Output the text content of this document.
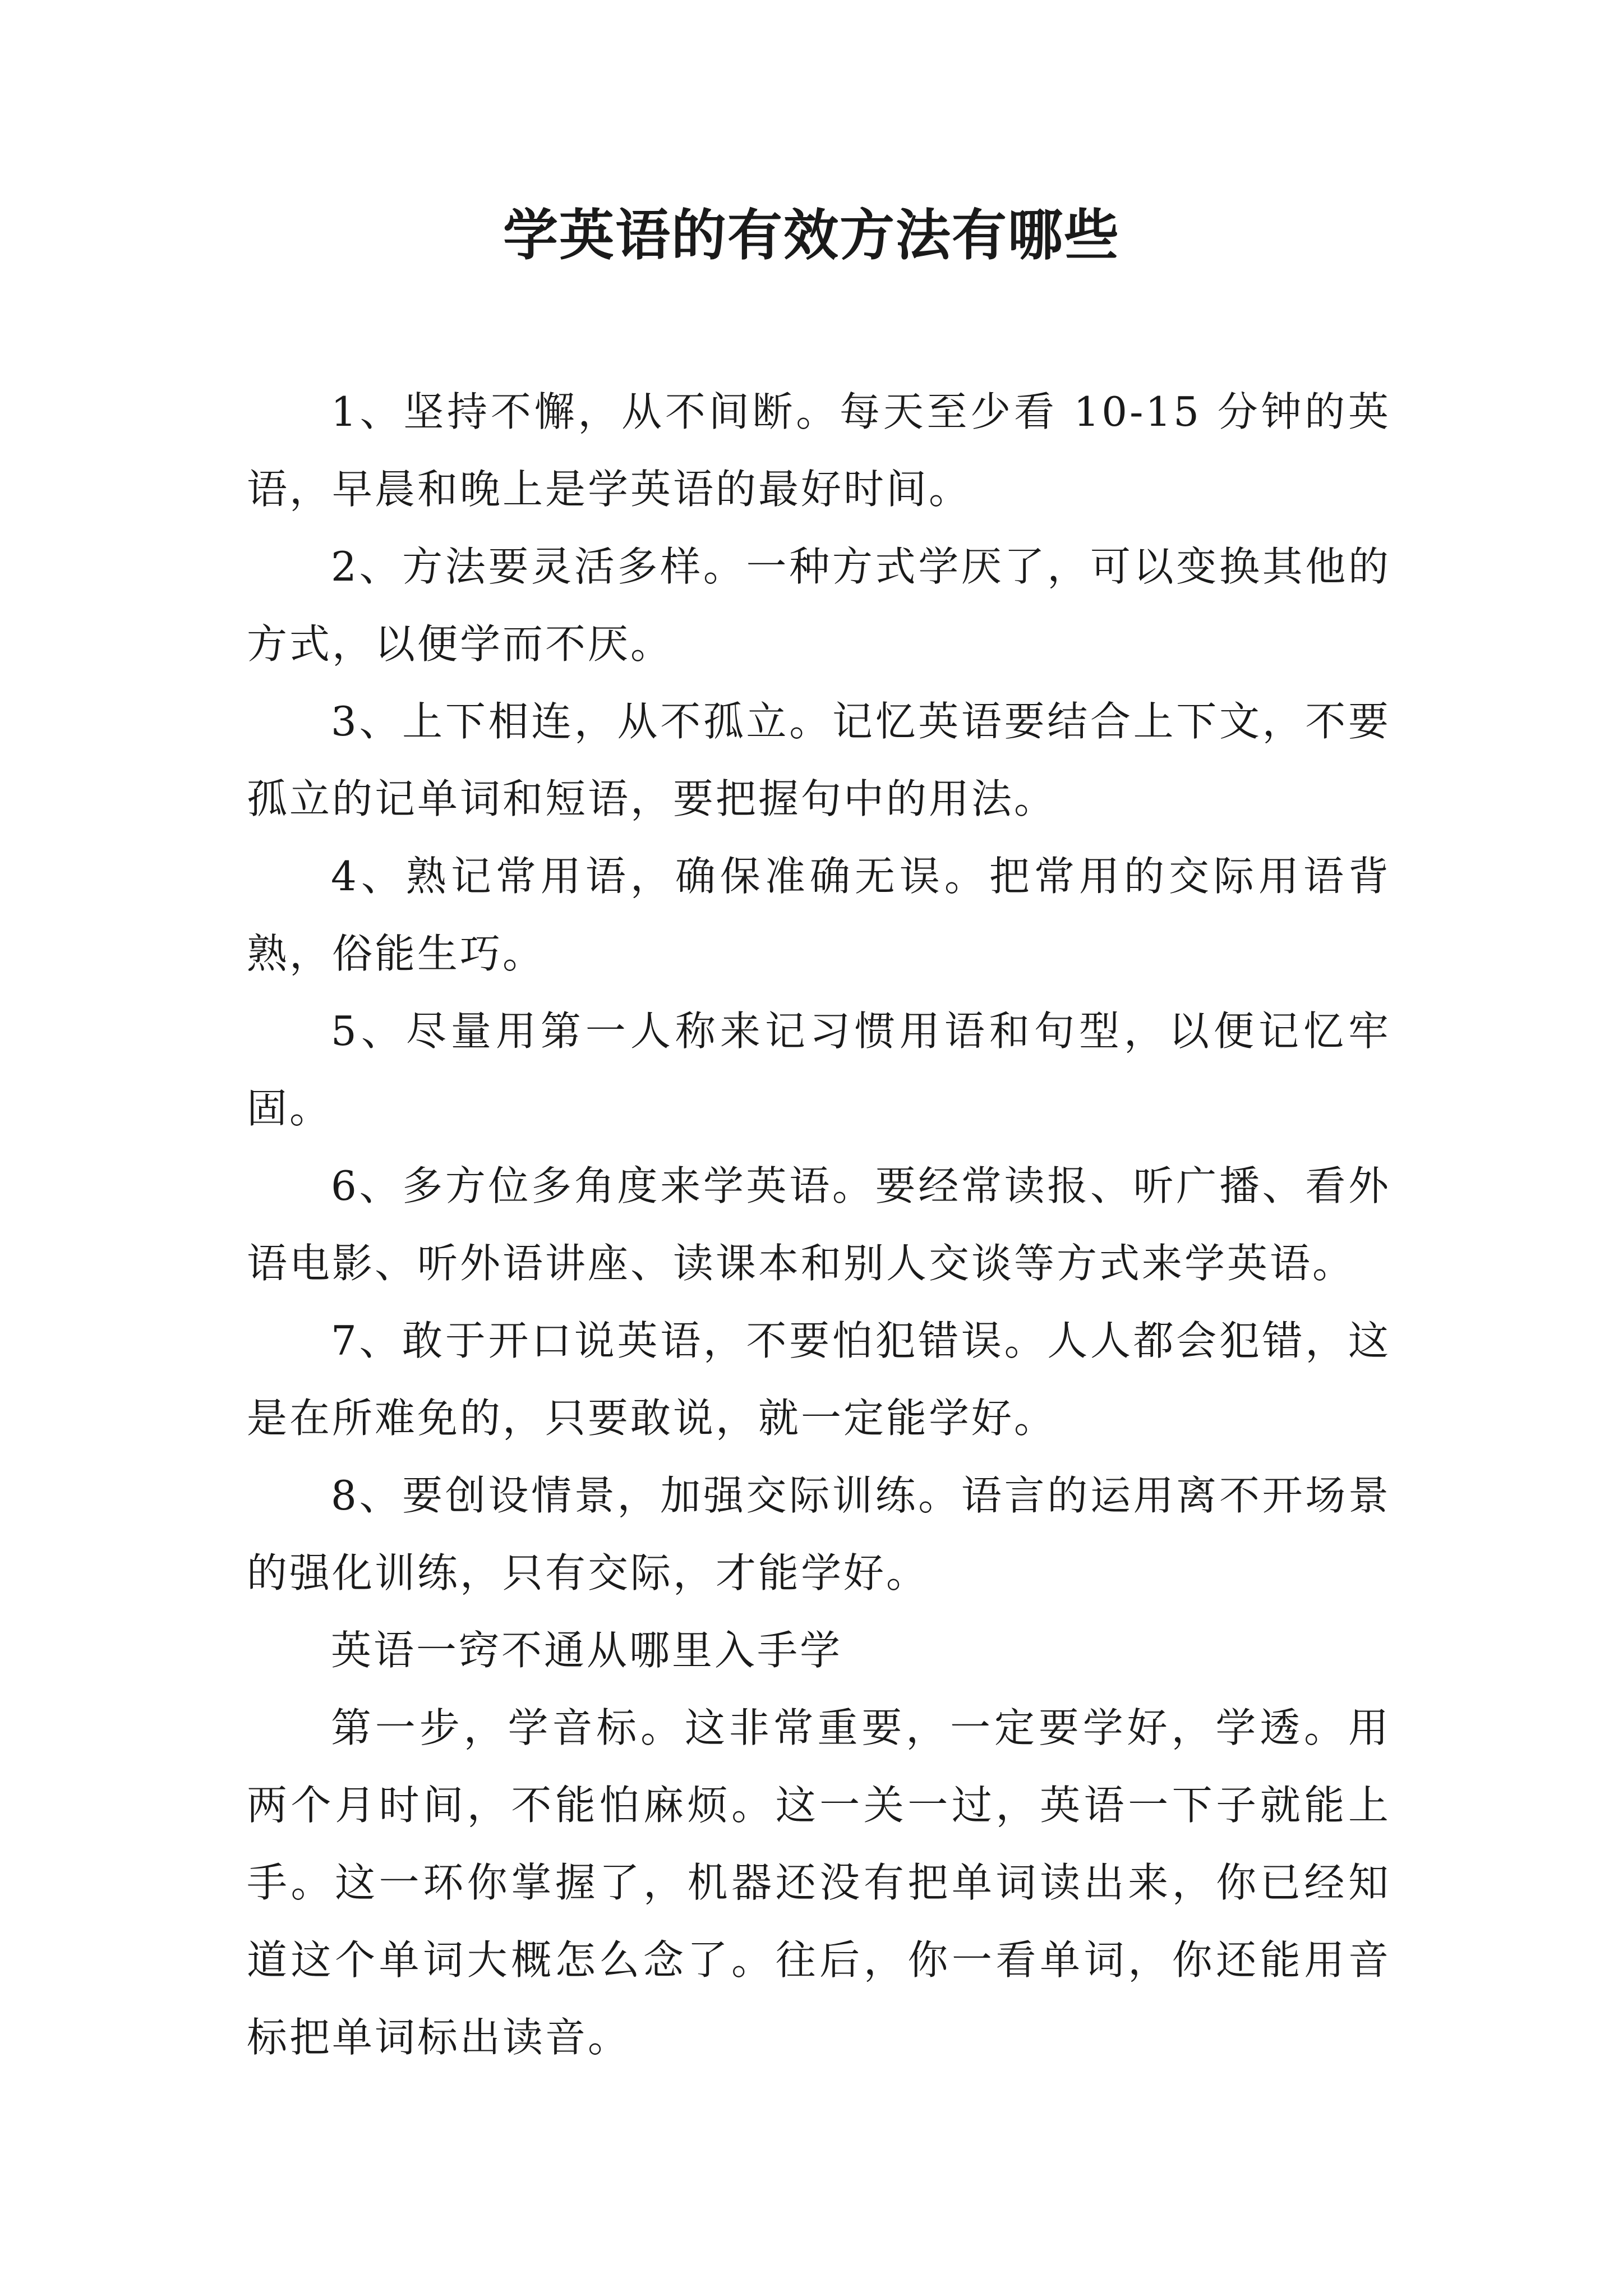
学英语的有效方法有哪些

1、坚持不懈，从不间断。每天至少看 10-15 分钟的英语，早晨和晚上是学英语的最好时间。

2、方法要灵活多样。一种方式学厌了，可以变换其他的方式，以便学而不厌。

3、上下相连，从不孤立。记忆英语要结合上下文，不要孤立的记单词和短语，要把握句中的用法。

4、熟记常用语，确保准确无误。把常用的交际用语背熟，俗能生巧。

5、尽量用第一人称来记习惯用语和句型，以便记忆牢固。

6、多方位多角度来学英语。要经常读报、听广播、看外语电影、听外语讲座、读课本和别人交谈等方式来学英语。

7、敢于开口说英语，不要怕犯错误。人人都会犯错，这是在所难免的，只要敢说，就一定能学好。

8、要创设情景，加强交际训练。语言的运用离不开场景的强化训练，只有交际，才能学好。

英语一窍不通从哪里入手学

第一步，学音标。这非常重要，一定要学好，学透。用两个月时间，不能怕麻烦。这一关一过，英语一下子就能上手。这一环你掌握了，机器还没有把单词读出来，你已经知道这个单词大概怎么念了。往后，你一看单词，你还能用音标把单词标出读音。
